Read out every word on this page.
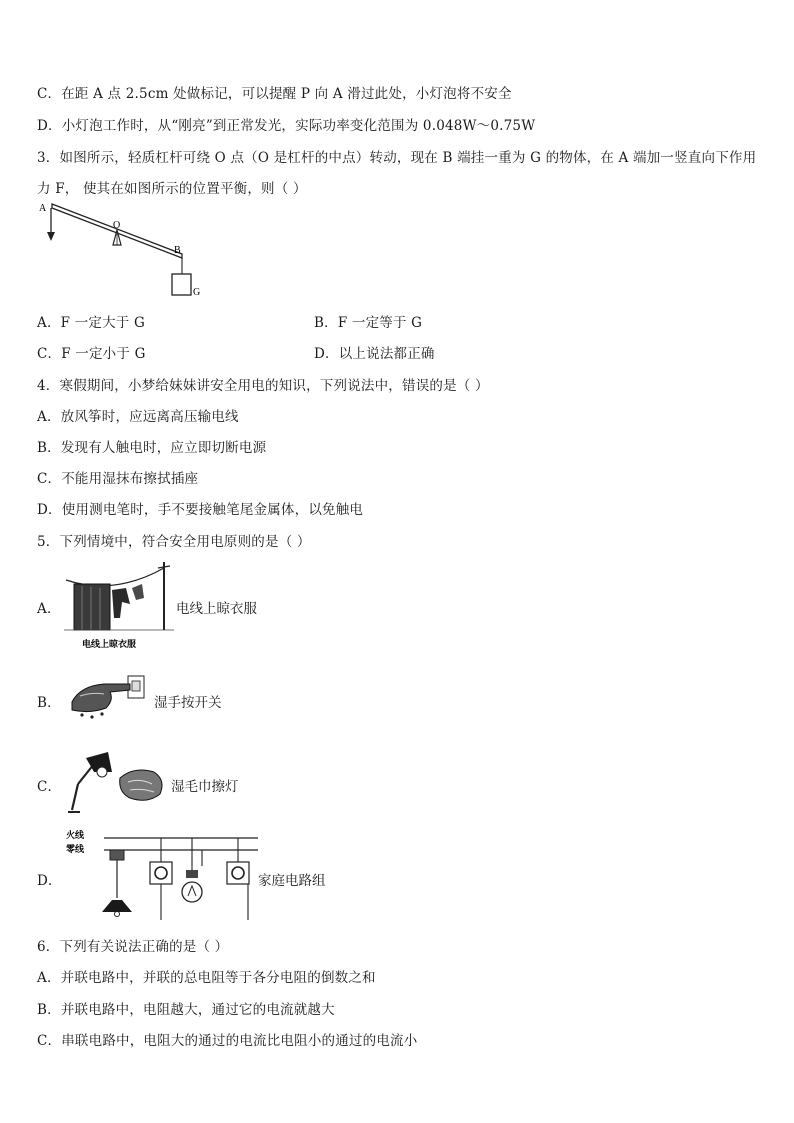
C．在距 A 点 2.5cm 处做标记，可以提醒 P 向 A 滑过此处，小灯泡将不安全
D．小灯泡工作时，从“刚亮”到正常发光，实际功率变化范围为 0.048W～0.75W
3．如图所示，轻质杠杆可绕 O 点（O 是杠杆的中点）转动，现在 B 端挂一重为 G 的物体，在 A 端加一竖直向下作用
力 F， 使其在如图所示的位置平衡，则（ ）
A
O
B
G
A．F 一定大于 G	B．F 一定等于 G
C．F 一定小于 G	D．以上说法都正确
4．寒假期间，小梦给妹妹讲安全用电的知识，下列说法中，错误的是（ ）
A．放风筝时，应远离高压输电线
B．发现有人触电时，应立即切断电源
C．不能用湿抹布擦拭插座
D．使用测电笔时，手不要接触笔尾金属体，以免触电
5．下列情境中，符合安全用电原则的是（ ）
A．
电线上晾衣服
电线上晾衣服
B．	湿手按开关
C．	湿毛巾擦灯
D．
火线
零线
家庭电路组
6．下列有关说法正确的是（ ）
A．并联电路中，并联的总电阻等于各分电阻的倒数之和
B．并联电路中，电阻越大，通过它的电流就越大
C．串联电路中，电阻大的通过的电流比电阻小的通过的电流小
